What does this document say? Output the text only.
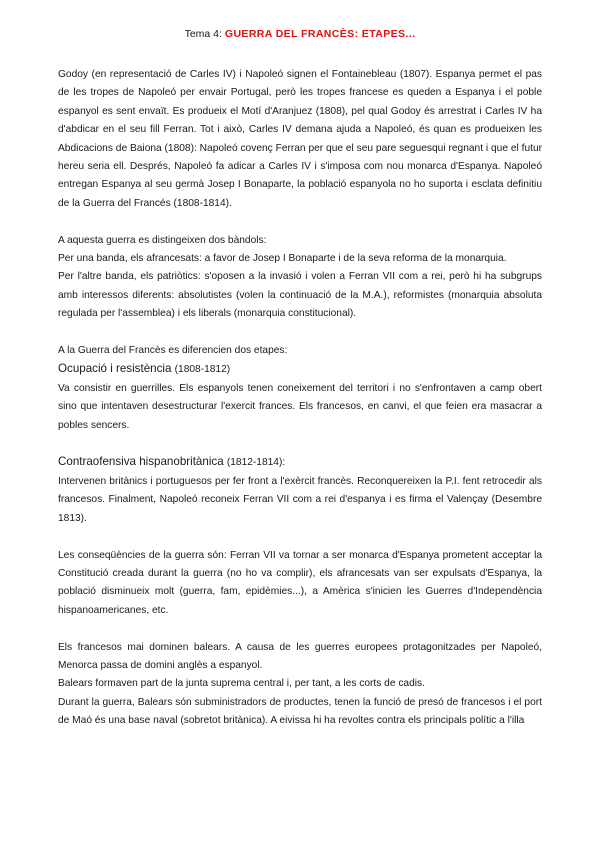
Tema 4: GUERRA DEL FRANCÈS: ETAPES...

Godoy (en representació de Carles IV) i Napoleó signen el Fontainebleau (1807). Espanya permet el pas de les tropes de Napoleó per envair Portugal, però les tropes francese es queden a Espanya i el poble espanyol es sent envaït. Es produeix el Motí d'Aranjuez (1808), pel qual Godoy és arrestrat i Carles IV ha d'abdicar en el seu fill Ferran. Tot i això, Carles IV demana ajuda a Napoleó, és quan es produeixen les Abdicacions de Baiona (1808): Napoleó covenç Ferran per que el seu pare seguesqui regnant i que el futur hereu seria ell. Després, Napoleó fa adicar a Carles IV i s'imposa com nou monarca d'Espanya. Napoleó entregan Espanya al seu germà Josep I Bonaparte, la població espanyola no ho suporta i esclata definitiu de la Guerra del Francés (1808-1814).

A aquesta guerra es distingeixen dos bàndols:

Per una banda, els afrancesats: a favor de Josep I Bonaparte i de la seva reforma de la monarquia.

Per l'altre banda, els patriòtics: s'oposen a la invasió i volen a Ferran VII com a rei, però hi ha subgrups amb interessos diferents: absolutistes (volen la continuació de la M.A.), reformistes (monarquia absoluta regulada per l'assemblea) i els liberals (monarquia constitucional).

A la Guerra del Francès es diferencien dos etapes:

Ocupació i resistència (1808-1812)

Va consistir en guerrilles. Els espanyols tenen coneixement del territori i no s'enfrontaven a camp obert sino que intentaven desestructurar l'exercit frances. Els francesos, en canvi, el que feien era masacrar a pobles sencers.

Contraofensiva hispanobritànica (1812-1814):

Intervenen britànics i portuguesos per fer front a l'exèrcit francès. Reconquereixen la P.I. fent retrocedir als francesos. Finalment, Napoleó reconeix Ferran VII com a rei d'espanya i es firma el Valençay (Desembre 1813).

Les conseqüències de la guerra són: Ferran VII va tornar a ser monarca d'Espanya prometent acceptar la Constitució creada durant la guerra (no ho va complir), els afrancesats van ser expulsats d'Espanya, la població disminueix molt (guerra, fam, epidèmies...), a Amèrica s'inicien les Guerres d'Independència hispanoamericanes, etc.

Els francesos mai dominen balears. A causa de les guerres europees protagonitzades per Napoleó, Menorca passa de domini anglès a espanyol.

Balears formaven part de la junta suprema central i, per tant, a les corts de cadis.

Durant la guerra, Balears són subministradors de productes, tenen la funció de presó de francesos i el port de Maó és una base naval (sobretot britànica). A eivissa hi ha revoltes contra els principals polític a l'illa
